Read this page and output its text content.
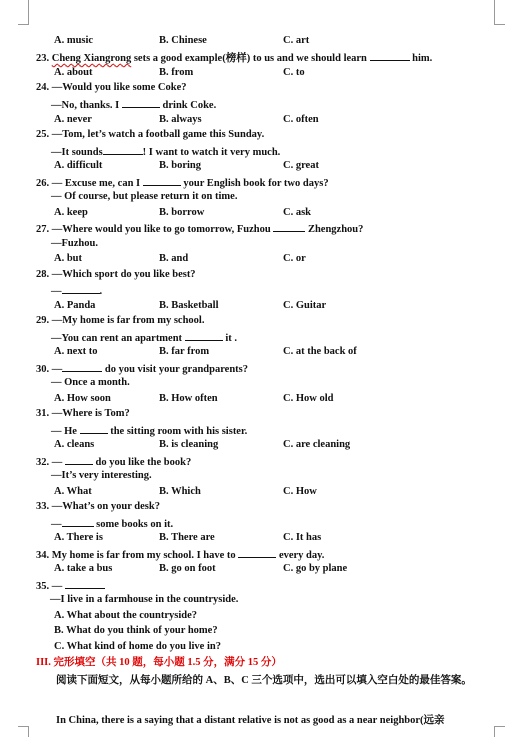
A. music	B. Chinese	C. art
23. Cheng Xiangrong sets a good example(榜样) to us and we should learn	him.
A. about	B. from	C. to
24. —Would you like some Coke?
—No, thanks. I	drink Coke.
A. never	B. always	C. often
25. —Tom, let’s watch a football game this Sunday.
—It sounds	! I want to watch it very much.
A. difficult	B. boring	C. great
26. — Excuse me, can I	your English book for two days?
— Of course, but please return it on time.
A. keep	B. borrow	C. ask
27. —Where would you like to go tomorrow, Fuzhou	Zhengzhou?
—Fuzhou.
A. but	B. and	C. or
28. —Which sport do you like best?
—	.
A. Panda	B. Basketball	C. Guitar
29. —My home is far from my school.
—You can rent an apartment	it .
A. next to	B. far from	C. at the back of
30. —	do you visit your grandparents?
— Once a month.
A. How soon	B. How often	C. How old
31. —Where is Tom?
— He	the sitting room with his sister.
A. cleans	B. is cleaning	C. are cleaning
32. —	do you like the book?
—It’s very interesting.
A. What	B. Which	C. How
33. —What’s on your desk?
—	some books on it.
A. There is	B. There are	C. It has
34. My home is far from my school. I have to	every day.
A. take a bus	B. go on foot	C. go by plane
35. —
—I live in a farmhouse in the countryside.
A. What about the countryside?
B. What do you think of your home?
C. What kind of home do you live in?
III. 完形填空（共 10 题，每小题 1.5 分，满分 15 分）
阅读下面短文，从每小题所给的 A、B、C 三个选项中，选出可以填入空白处的最佳答案。
In China, there is a saying that a distant relative is not as good as a near neighbor(远亲
